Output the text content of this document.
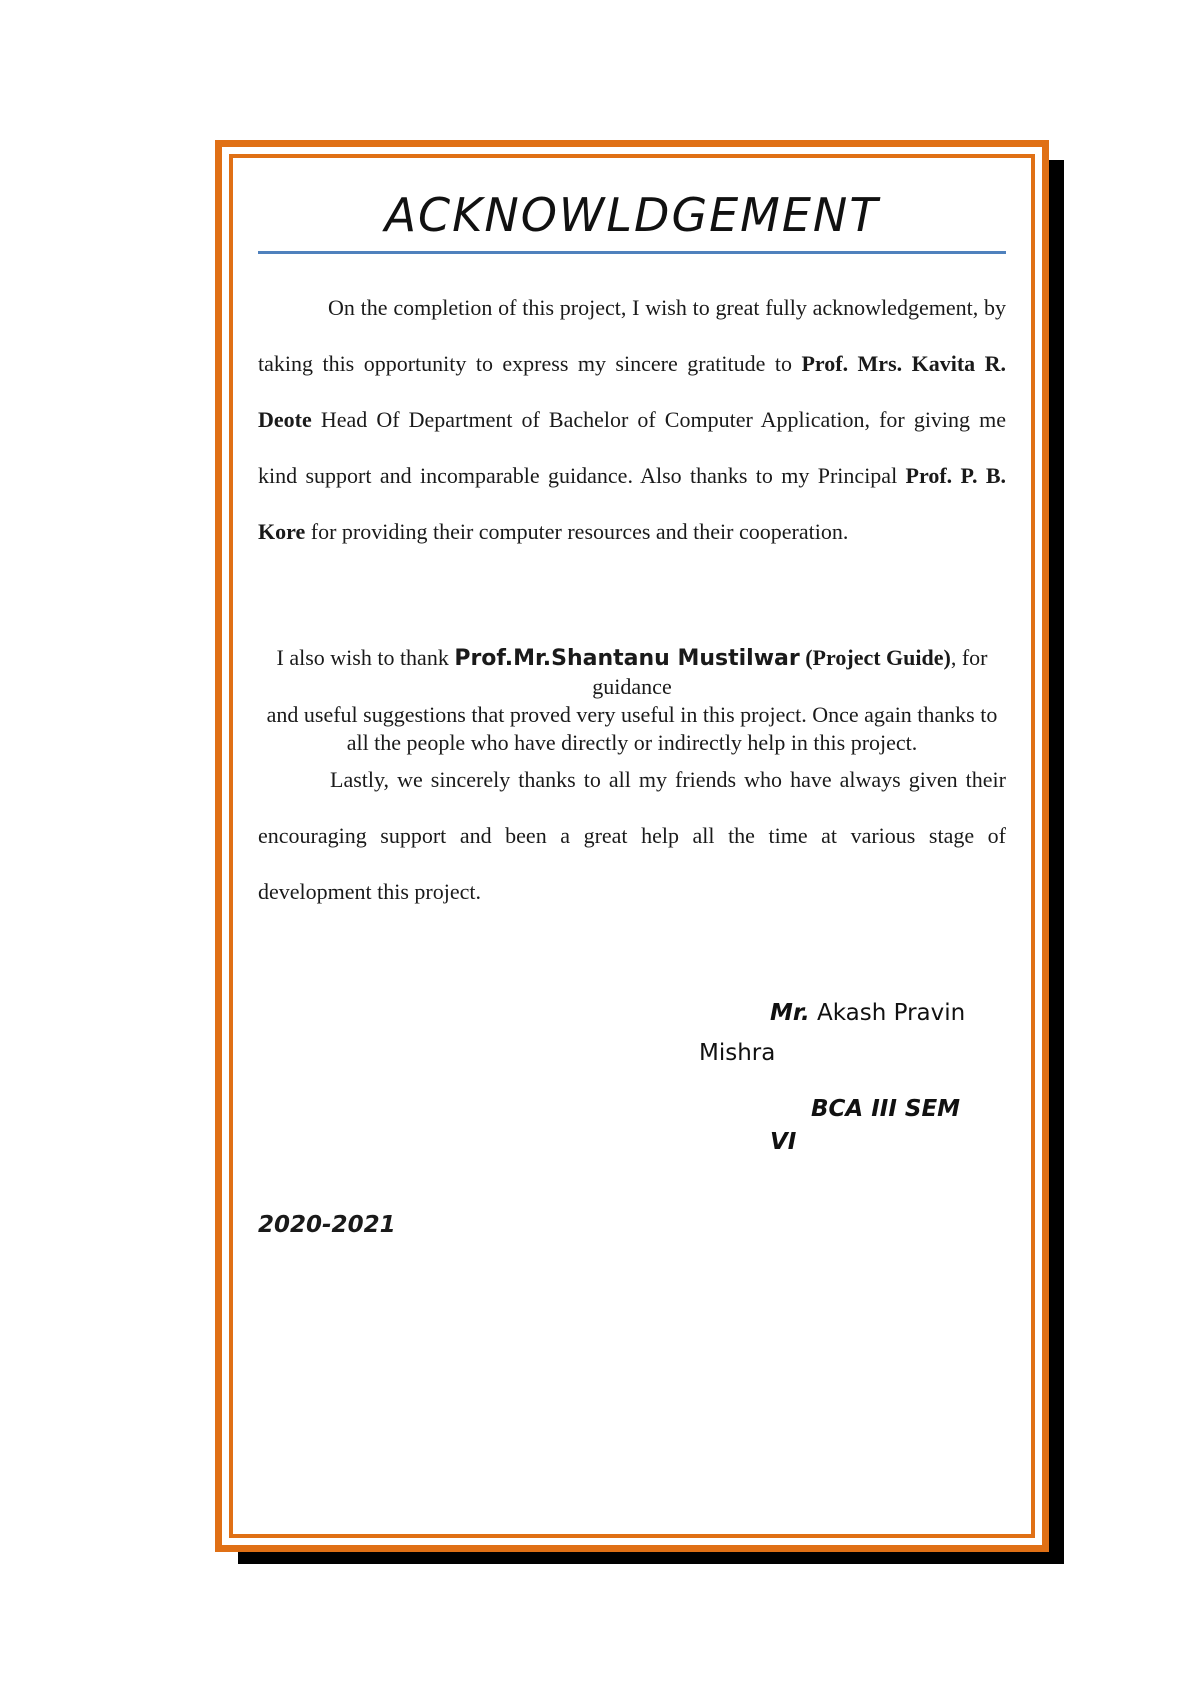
ACKNOWLDGEMENT
On the completion of this project, I wish to great fully acknowledgement, by taking this opportunity to express my sincere gratitude to Prof. Mrs. Kavita R. Deote Head Of Department of Bachelor of Computer Application, for giving me kind support and incomparable guidance. Also thanks to my Principal Prof. P. B. Kore for providing their computer resources and their cooperation.
I also wish to thank Prof.Mr.Shantanu Mustilwar (Project Guide), for guidance
and useful suggestions that proved very useful in this project. Once again thanks to all the people who have directly or indirectly help in this project.
Lastly, we sincerely thanks to all my friends who have always given their encouraging support and been a great help all the time at various stage of development this project.
Mr. Akash Pravin
Mishra
BCA III SEM
VI
2020-2021
